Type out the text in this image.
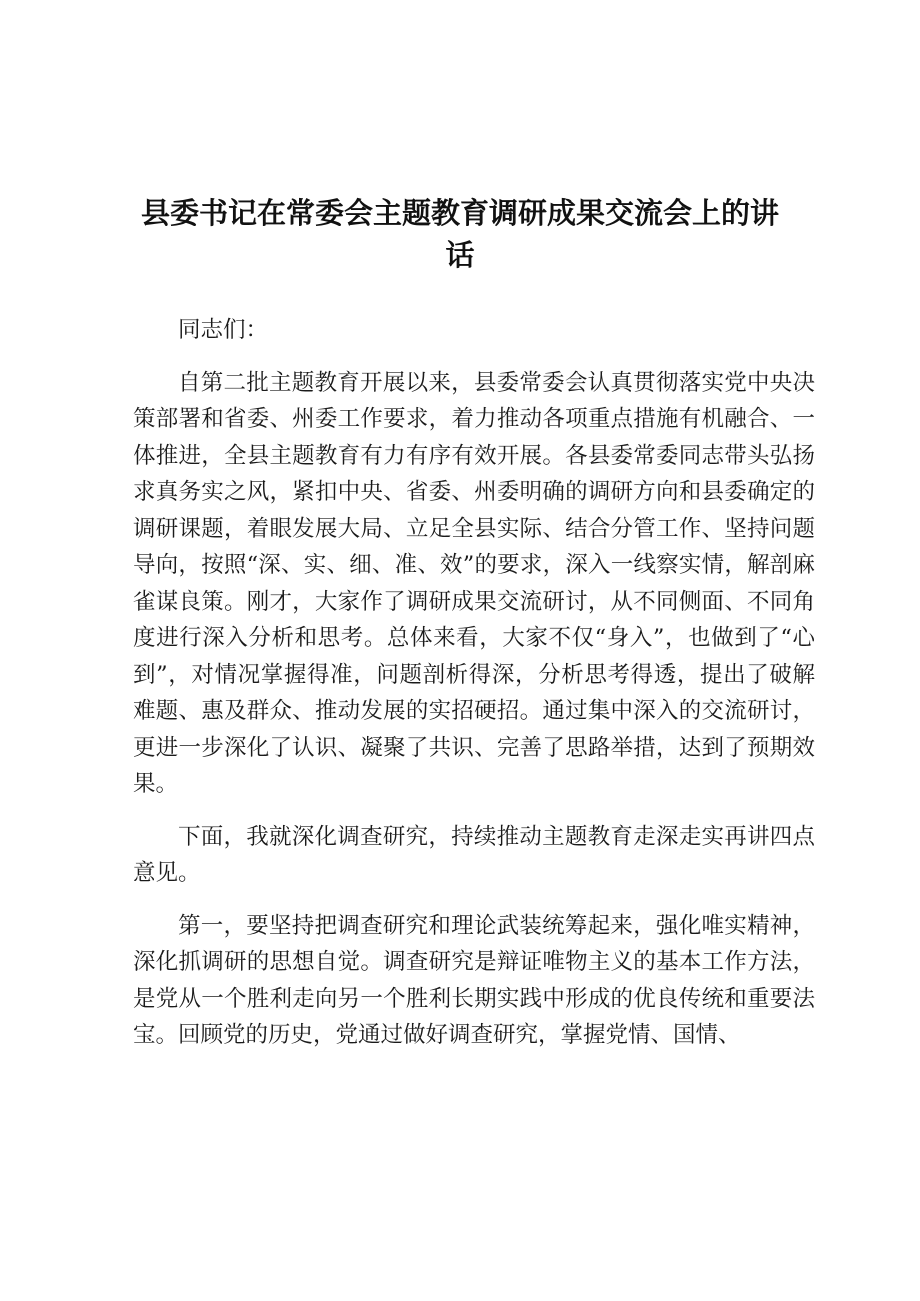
县委书记在常委会主题教育调研成果交流会上的讲话

同志们：

自第二批主题教育开展以来，县委常委会认真贯彻落实党中央决策部署和省委、州委工作要求，着力推动各项重点措施有机融合、一体推进，全县主题教育有力有序有效开展。各县委常委同志带头弘扬求真务实之风，紧扣中央、省委、州委明确的调研方向和县委确定的调研课题，着眼发展大局、立足全县实际、结合分管工作、坚持问题导向，按照“深、实、细、准、效”的要求，深入一线察实情，解剖麻雀谋良策。刚才，大家作了调研成果交流研讨，从不同侧面、不同角度进行深入分析和思考。总体来看，大家不仅“身入”，也做到了“心到”，对情况掌握得准，问题剖析得深，分析思考得透，提出了破解难题、惠及群众、推动发展的实招硬招。通过集中深入的交流研讨，更进一步深化了认识、凝聚了共识、完善了思路举措，达到了预期效果。

下面，我就深化调查研究，持续推动主题教育走深走实再讲四点意见。

第一，要坚持把调查研究和理论武装统筹起来，强化唯实精神，深化抓调研的思想自觉。调查研究是辩证唯物主义的基本工作方法，是党从一个胜利走向另一个胜利长期实践中形成的优良传统和重要法宝。回顾党的历史，党通过做好调查研究，掌握党情、国情、
